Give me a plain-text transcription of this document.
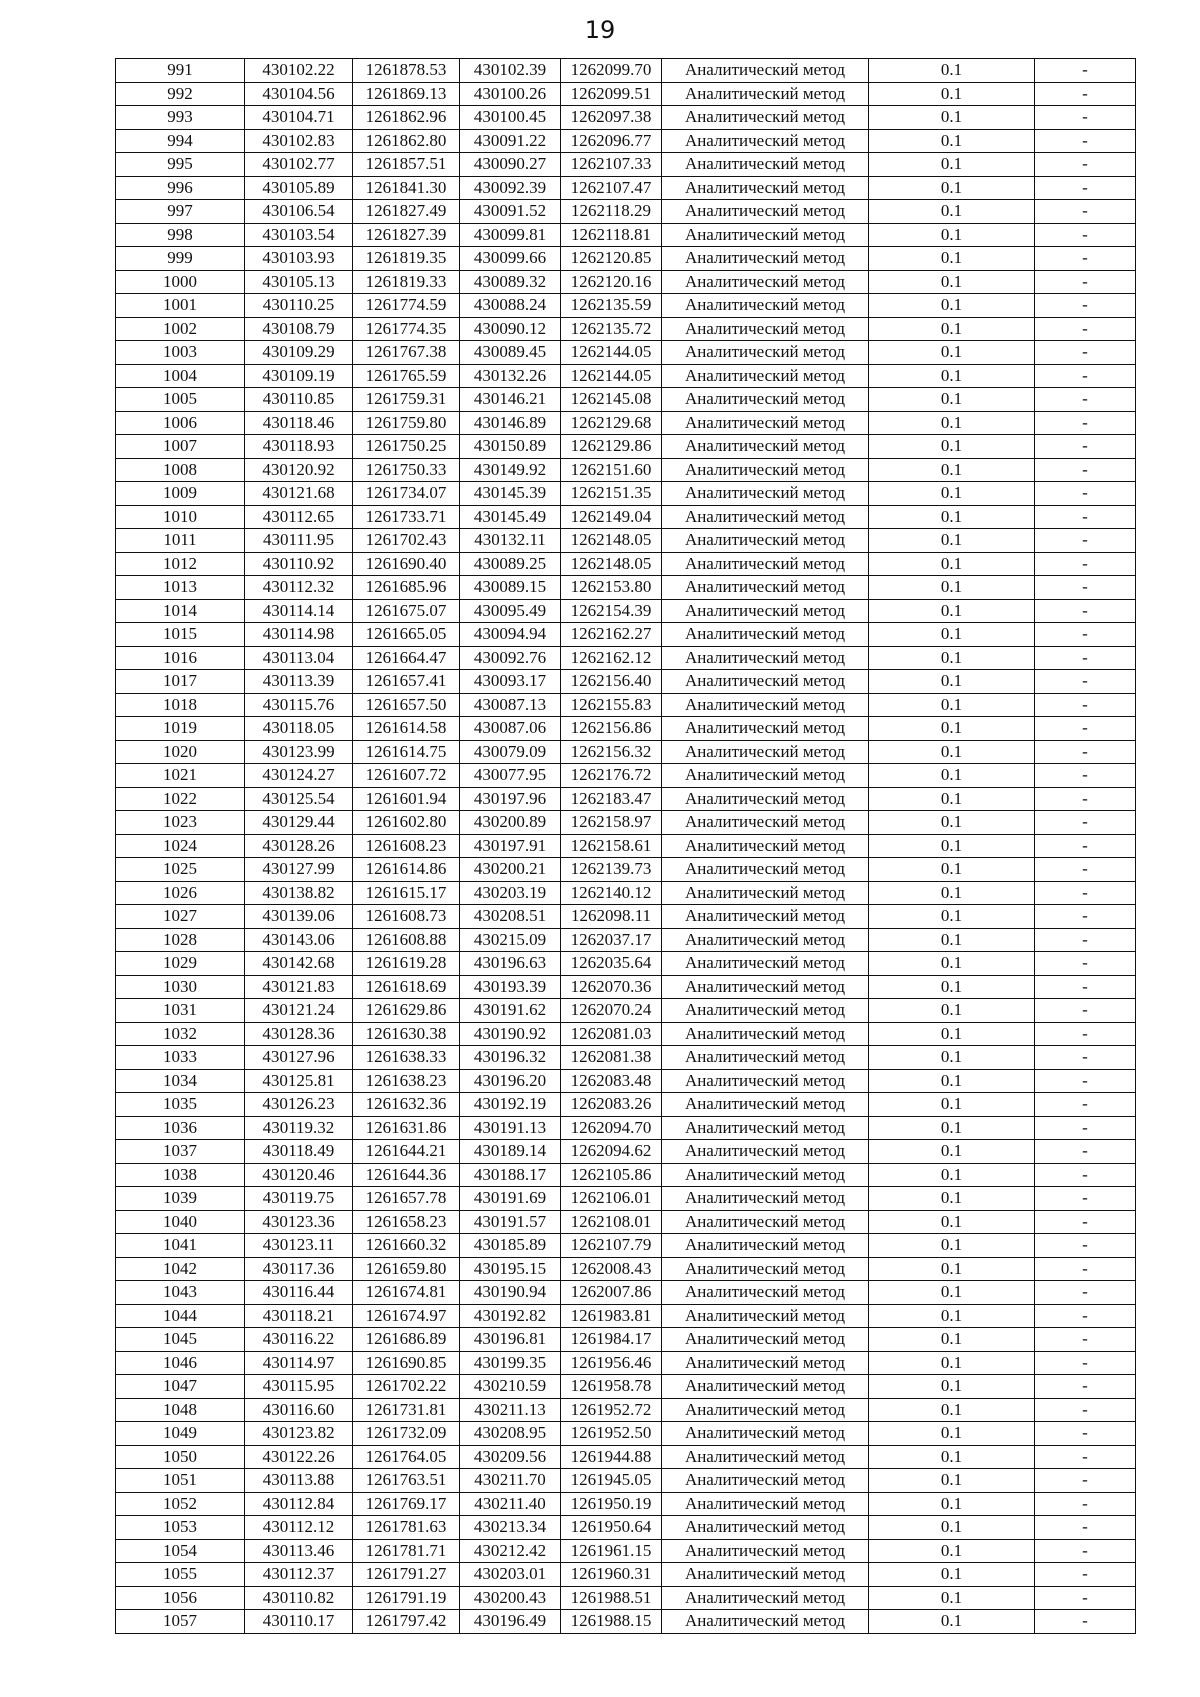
19
991	430102.22	1261878.53	430102.39	1262099.70	Аналитический метод	0.1	-
992	430104.56	1261869.13	430100.26	1262099.51	Аналитический метод	0.1	-
993	430104.71	1261862.96	430100.45	1262097.38	Аналитический метод	0.1	-
994	430102.83	1261862.80	430091.22	1262096.77	Аналитический метод	0.1	-
995	430102.77	1261857.51	430090.27	1262107.33	Аналитический метод	0.1	-
996	430105.89	1261841.30	430092.39	1262107.47	Аналитический метод	0.1	-
997	430106.54	1261827.49	430091.52	1262118.29	Аналитический метод	0.1	-
998	430103.54	1261827.39	430099.81	1262118.81	Аналитический метод	0.1	-
999	430103.93	1261819.35	430099.66	1262120.85	Аналитический метод	0.1	-
1000	430105.13	1261819.33	430089.32	1262120.16	Аналитический метод	0.1	-
1001	430110.25	1261774.59	430088.24	1262135.59	Аналитический метод	0.1	-
1002	430108.79	1261774.35	430090.12	1262135.72	Аналитический метод	0.1	-
1003	430109.29	1261767.38	430089.45	1262144.05	Аналитический метод	0.1	-
1004	430109.19	1261765.59	430132.26	1262144.05	Аналитический метод	0.1	-
1005	430110.85	1261759.31	430146.21	1262145.08	Аналитический метод	0.1	-
1006	430118.46	1261759.80	430146.89	1262129.68	Аналитический метод	0.1	-
1007	430118.93	1261750.25	430150.89	1262129.86	Аналитический метод	0.1	-
1008	430120.92	1261750.33	430149.92	1262151.60	Аналитический метод	0.1	-
1009	430121.68	1261734.07	430145.39	1262151.35	Аналитический метод	0.1	-
1010	430112.65	1261733.71	430145.49	1262149.04	Аналитический метод	0.1	-
1011	430111.95	1261702.43	430132.11	1262148.05	Аналитический метод	0.1	-
1012	430110.92	1261690.40	430089.25	1262148.05	Аналитический метод	0.1	-
1013	430112.32	1261685.96	430089.15	1262153.80	Аналитический метод	0.1	-
1014	430114.14	1261675.07	430095.49	1262154.39	Аналитический метод	0.1	-
1015	430114.98	1261665.05	430094.94	1262162.27	Аналитический метод	0.1	-
1016	430113.04	1261664.47	430092.76	1262162.12	Аналитический метод	0.1	-
1017	430113.39	1261657.41	430093.17	1262156.40	Аналитический метод	0.1	-
1018	430115.76	1261657.50	430087.13	1262155.83	Аналитический метод	0.1	-
1019	430118.05	1261614.58	430087.06	1262156.86	Аналитический метод	0.1	-
1020	430123.99	1261614.75	430079.09	1262156.32	Аналитический метод	0.1	-
1021	430124.27	1261607.72	430077.95	1262176.72	Аналитический метод	0.1	-
1022	430125.54	1261601.94	430197.96	1262183.47	Аналитический метод	0.1	-
1023	430129.44	1261602.80	430200.89	1262158.97	Аналитический метод	0.1	-
1024	430128.26	1261608.23	430197.91	1262158.61	Аналитический метод	0.1	-
1025	430127.99	1261614.86	430200.21	1262139.73	Аналитический метод	0.1	-
1026	430138.82	1261615.17	430203.19	1262140.12	Аналитический метод	0.1	-
1027	430139.06	1261608.73	430208.51	1262098.11	Аналитический метод	0.1	-
1028	430143.06	1261608.88	430215.09	1262037.17	Аналитический метод	0.1	-
1029	430142.68	1261619.28	430196.63	1262035.64	Аналитический метод	0.1	-
1030	430121.83	1261618.69	430193.39	1262070.36	Аналитический метод	0.1	-
1031	430121.24	1261629.86	430191.62	1262070.24	Аналитический метод	0.1	-
1032	430128.36	1261630.38	430190.92	1262081.03	Аналитический метод	0.1	-
1033	430127.96	1261638.33	430196.32	1262081.38	Аналитический метод	0.1	-
1034	430125.81	1261638.23	430196.20	1262083.48	Аналитический метод	0.1	-
1035	430126.23	1261632.36	430192.19	1262083.26	Аналитический метод	0.1	-
1036	430119.32	1261631.86	430191.13	1262094.70	Аналитический метод	0.1	-
1037	430118.49	1261644.21	430189.14	1262094.62	Аналитический метод	0.1	-
1038	430120.46	1261644.36	430188.17	1262105.86	Аналитический метод	0.1	-
1039	430119.75	1261657.78	430191.69	1262106.01	Аналитический метод	0.1	-
1040	430123.36	1261658.23	430191.57	1262108.01	Аналитический метод	0.1	-
1041	430123.11	1261660.32	430185.89	1262107.79	Аналитический метод	0.1	-
1042	430117.36	1261659.80	430195.15	1262008.43	Аналитический метод	0.1	-
1043	430116.44	1261674.81	430190.94	1262007.86	Аналитический метод	0.1	-
1044	430118.21	1261674.97	430192.82	1261983.81	Аналитический метод	0.1	-
1045	430116.22	1261686.89	430196.81	1261984.17	Аналитический метод	0.1	-
1046	430114.97	1261690.85	430199.35	1261956.46	Аналитический метод	0.1	-
1047	430115.95	1261702.22	430210.59	1261958.78	Аналитический метод	0.1	-
1048	430116.60	1261731.81	430211.13	1261952.72	Аналитический метод	0.1	-
1049	430123.82	1261732.09	430208.95	1261952.50	Аналитический метод	0.1	-
1050	430122.26	1261764.05	430209.56	1261944.88	Аналитический метод	0.1	-
1051	430113.88	1261763.51	430211.70	1261945.05	Аналитический метод	0.1	-
1052	430112.84	1261769.17	430211.40	1261950.19	Аналитический метод	0.1	-
1053	430112.12	1261781.63	430213.34	1261950.64	Аналитический метод	0.1	-
1054	430113.46	1261781.71	430212.42	1261961.15	Аналитический метод	0.1	-
1055	430112.37	1261791.27	430203.01	1261960.31	Аналитический метод	0.1	-
1056	430110.82	1261791.19	430200.43	1261988.51	Аналитический метод	0.1	-
1057	430110.17	1261797.42	430196.49	1261988.15	Аналитический метод	0.1	-
